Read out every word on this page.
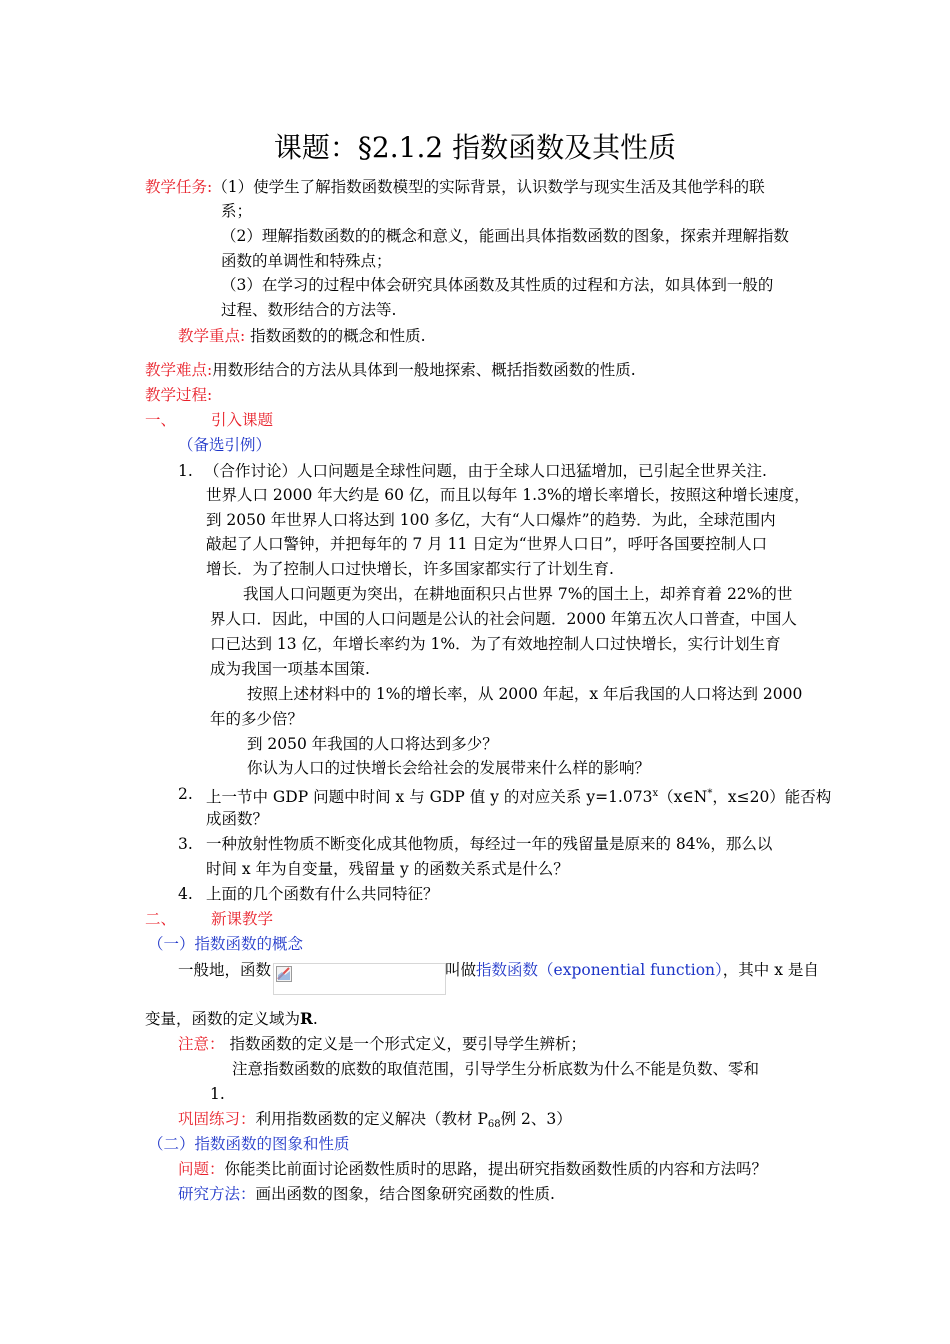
课题：§2.1.2 指数函数及其性质
教学任务:（1）使学生了解指数函数模型的实际背景，认识数学与现实生活及其他学科的联
系；
（2）理解指数函数的的概念和意义，能画出具体指数函数的图象，探索并理解指数
函数的单调性和特殊点；
（3）在学习的过程中体会研究具体函数及其性质的过程和方法，如具体到一般的
过程、数形结合的方法等.
教学重点: 指数函数的的概念和性质.
教学难点:用数形结合的方法从具体到一般地探索、概括指数函数的性质.
教学过程:
一、 引入课题
（备选引例）
1. （合作讨论）人口问题是全球性问题，由于全球人口迅猛增加，已引起全世界关注.
世界人口 2000 年大约是 60 亿，而且以每年 1.3%的增长率增长，按照这种增长速度，
到 2050 年世界人口将达到 100 多亿，大有“人口爆炸”的趋势．为此，全球范围内
敲起了人口警钟，并把每年的 7 月 11 日定为“世界人口日”，呼吁各国要控制人口
增长．为了控制人口过快增长，许多国家都实行了计划生育.
我国人口问题更为突出，在耕地面积只占世界 7%的国土上，却养育着 22%的世
界人口．因此，中国的人口问题是公认的社会问题．2000 年第五次人口普查，中国人
口已达到 13 亿，年增长率约为 1%．为了有效地控制人口过快增长，实行计划生育
成为我国一项基本国策.
按照上述材料中的 1%的增长率，从 2000 年起，x 年后我国的人口将达到 2000
年的多少倍？
到 2050 年我国的人口将达到多少？
你认为人口的过快增长会给社会的发展带来什么样的影响？
2. 上一节中 GDP 问题中时间 x 与 GDP 值 y 的对应关系 $y=1.073^x(x\in N^*$，x≤20）能否构
成函数？
3. 一种放射性物质不断变化成其他物质，每经过一年的残留量是原来的 84%，那么以
时间 x 年为自变量，残留量 y 的函数关系式是什么？
4. 上面的几个函数有什么共同特征？
二、 新课教学
（一）指数函数的概念
一般地，函数	叫做指数函数（exponential function），其中 x 是自
变量，函数的定义域为R.
注意： 指数函数的定义是一个形式定义，要引导学生辨析；
注意指数函数的底数的取值范围，引导学生分析底数为什么不能是负数、零和
1.
巩固练习：利用指数函数的定义解决（教材 $P_{68}$例 2、3）
（二）指数函数的图象和性质
问题：你能类比前面讨论函数性质时的思路，提出研究指数函数性质的内容和方法吗？
研究方法：画出函数的图象，结合图象研究函数的性质.
